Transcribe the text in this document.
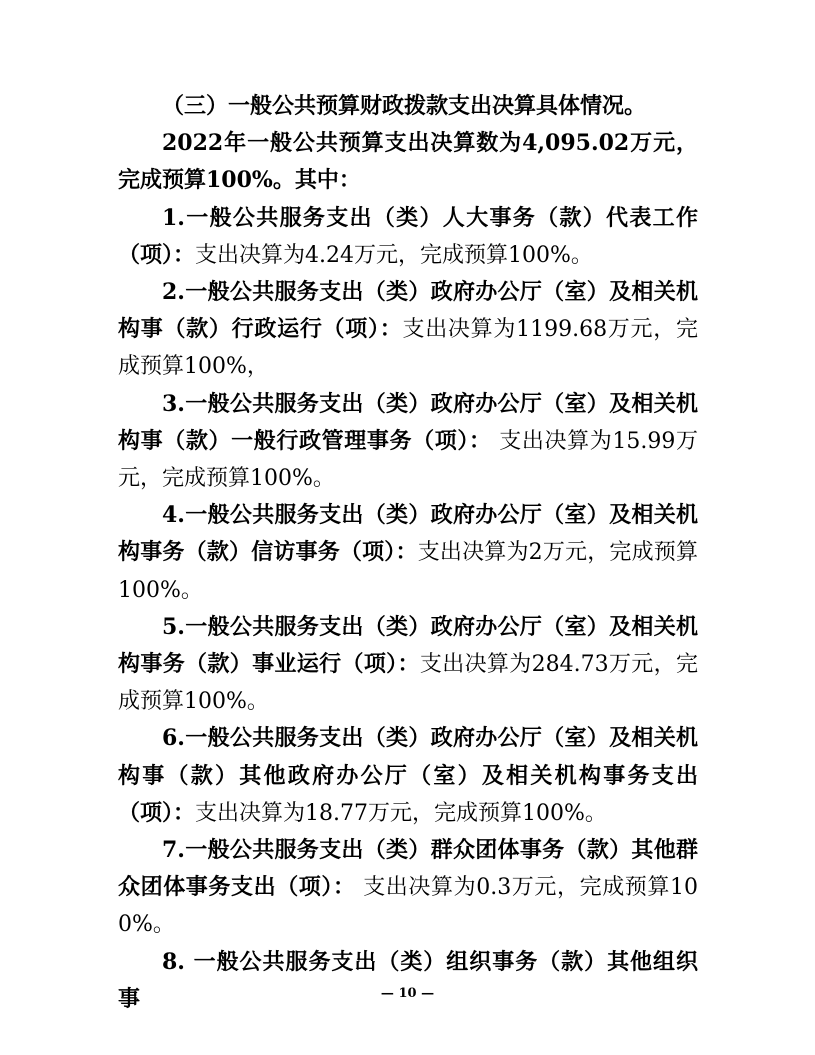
（三）一般公共预算财政拨款支出决算具体情况。

2022年一般公共预算支出决算数为4,095.02万元，完成预算100%。其中：

1.一般公共服务支出（类）人大事务（款）代表工作（项）：支出决算为4.24万元，完成预算100%。

2.一般公共服务支出（类）政府办公厅（室）及相关机构事（款）行政运行（项）：支出决算为1199.68万元，完成预算100%，

3.一般公共服务支出（类）政府办公厅（室）及相关机构事（款）一般行政管理事务（项）： 支出决算为15.99万元，完成预算100%。

4.一般公共服务支出（类）政府办公厅（室）及相关机构事务（款）信访事务（项）：支出决算为2万元，完成预算100%。

5.一般公共服务支出（类）政府办公厅（室）及相关机构事务（款）事业运行（项）：支出决算为284.73万元，完成预算100%。

6.一般公共服务支出（类）政府办公厅（室）及相关机构事（款）其他政府办公厅（室）及相关机构事务支出（项）：支出决算为18.77万元，完成预算100%。

7.一般公共服务支出（类）群众团体事务（款）其他群众团体事务支出（项）： 支出决算为0.3万元，完成预算100%。

8. 一般公共服务支出（类）组织事务（款）其他组织事	— 10 —
